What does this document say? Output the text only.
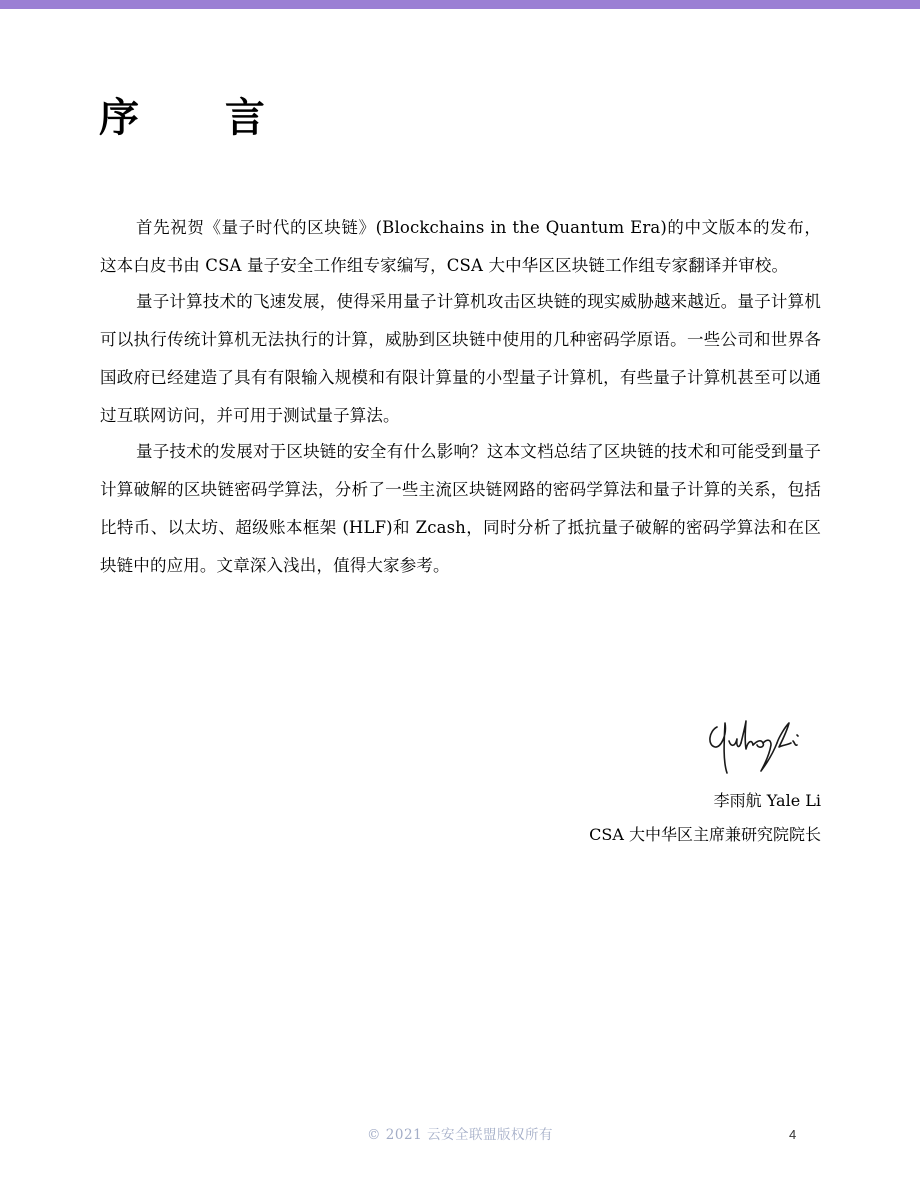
序 言

首先祝贺《量子时代的区块链》(Blockchains in the Quantum Era)的中文版本的发布，这本白皮书由 CSA 量子安全工作组专家编写，CSA 大中华区区块链工作组专家翻译并审校。

量子计算技术的飞速发展，使得采用量子计算机攻击区块链的现实威胁越来越近。量子计算机可以执行传统计算机无法执行的计算，威胁到区块链中使用的几种密码学原语。一些公司和世界各国政府已经建造了具有有限输入规模和有限计算量的小型量子计算机，有些量子计算机甚至可以通过互联网访问，并可用于测试量子算法。

量子技术的发展对于区块链的安全有什么影响？这本文档总结了区块链的技术和可能受到量子计算破解的区块链密码学算法，分析了一些主流区块链网路的密码学算法和量子计算的关系，包括比特币、以太坊、超级账本框架 (HLF)和 Zcash，同时分析了抵抗量子破解的密码学算法和在区块链中的应用。文章深入浅出，值得大家参考。

李雨航 Yale Li
CSA 大中华区主席兼研究院院长
© 2021 云安全联盟版权所有	4
